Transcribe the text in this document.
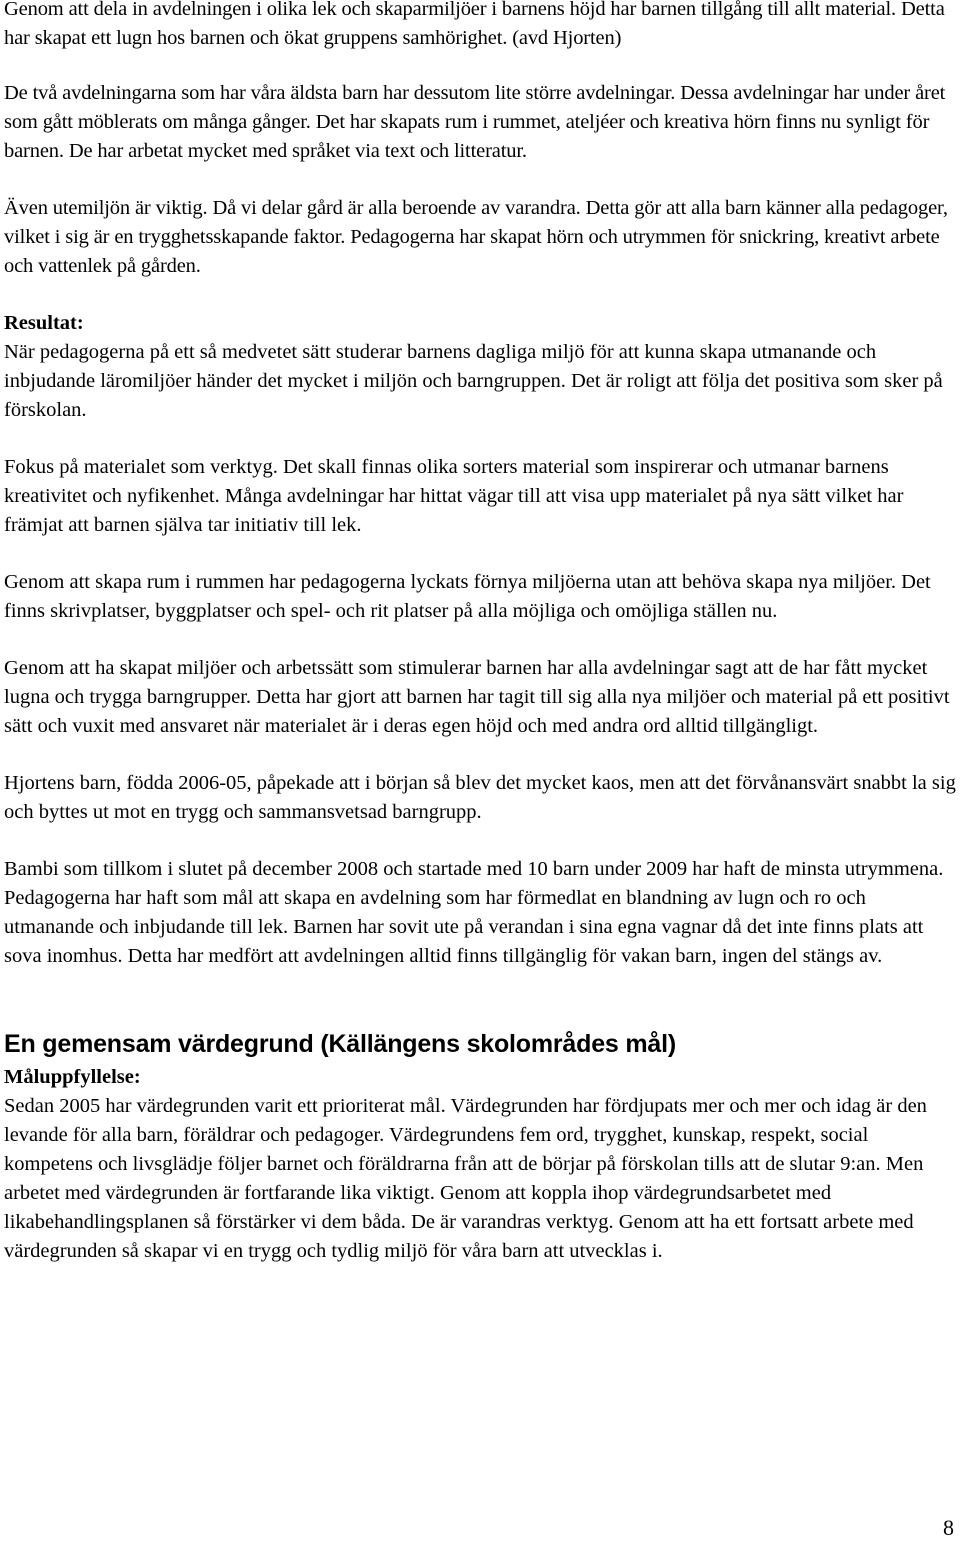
Genom att dela in avdelningen i olika lek och skaparmiljöer i barnens höjd har barnen tillgång till allt material. Detta har skapat ett lugn hos barnen och ökat gruppens samhörighet. (avd Hjorten)

De två avdelningarna som har våra äldsta barn har dessutom lite större avdelningar. Dessa avdelningar har under året som gått möblerats om många gånger. Det har skapats rum i rummet, ateljéer och kreativa hörn finns nu synligt för barnen. De har arbetat mycket med språket via text och litteratur.

Även utemiljön är viktig. Då vi delar gård är alla beroende av varandra. Detta gör att alla barn känner alla pedagoger, vilket i sig är en trygghetsskapande faktor. Pedagogerna har skapat hörn och utrymmen för snickring, kreativt arbete och vattenlek på gården.

Resultat:

När pedagogerna på ett så medvetet sätt studerar barnens dagliga miljö för att kunna skapa utmanande och inbjudande läromiljöer händer det mycket i miljön och barngruppen. Det är roligt att följa det positiva som sker på förskolan.

Fokus på materialet som verktyg. Det skall finnas olika sorters material som inspirerar och utmanar barnens kreativitet och nyfikenhet. Många avdelningar har hittat vägar till att visa upp materialet på nya sätt vilket har främjat att barnen själva tar initiativ till lek.

Genom att skapa rum i rummen har pedagogerna lyckats förnya miljöerna utan att behöva skapa nya miljöer. Det finns skrivplatser, byggplatser och spel- och rit platser på alla möjliga och omöjliga ställen nu.

Genom att ha skapat miljöer och arbetssätt som stimulerar barnen har alla avdelningar sagt att de har fått mycket lugna och trygga barngrupper. Detta har gjort att barnen har tagit till sig alla nya miljöer och material på ett positivt sätt och vuxit med ansvaret när materialet är i deras egen höjd och med andra ord alltid tillgängligt.

Hjortens barn, födda 2006-05, påpekade att i början så blev det mycket kaos, men att det förvånansvärt snabbt la sig och byttes ut mot en trygg och sammansvetsad barngrupp.

Bambi som tillkom i slutet på december 2008 och startade med 10 barn under 2009 har haft de minsta utrymmena. Pedagogerna har haft som mål att skapa en avdelning som har förmedlat en blandning av lugn och ro och utmanande och inbjudande till lek. Barnen har sovit ute på verandan i sina egna vagnar då det inte finns plats att sova inomhus. Detta har medfört att avdelningen alltid finns tillgänglig för vakan barn, ingen del stängs av.

En gemensam värdegrund (Källängens skolområdes mål)

Måluppfyllelse:

Sedan 2005 har värdegrunden varit ett prioriterat mål. Värdegrunden har fördjupats mer och mer och idag är den levande för alla barn, föräldrar och pedagoger. Värdegrundens fem ord, trygghet, kunskap, respekt, social kompetens och livsglädje följer barnet och föräldrarna från att de börjar på förskolan tills att de slutar 9:an. Men arbetet med värdegrunden är fortfarande lika viktigt. Genom att koppla ihop värdegrundsarbetet med likabehandlingsplanen så förstärker vi dem båda. De är varandras verktyg. Genom att ha ett fortsatt arbete med värdegrunden så skapar vi en trygg och tydlig miljö för våra barn att utvecklas i.

8
